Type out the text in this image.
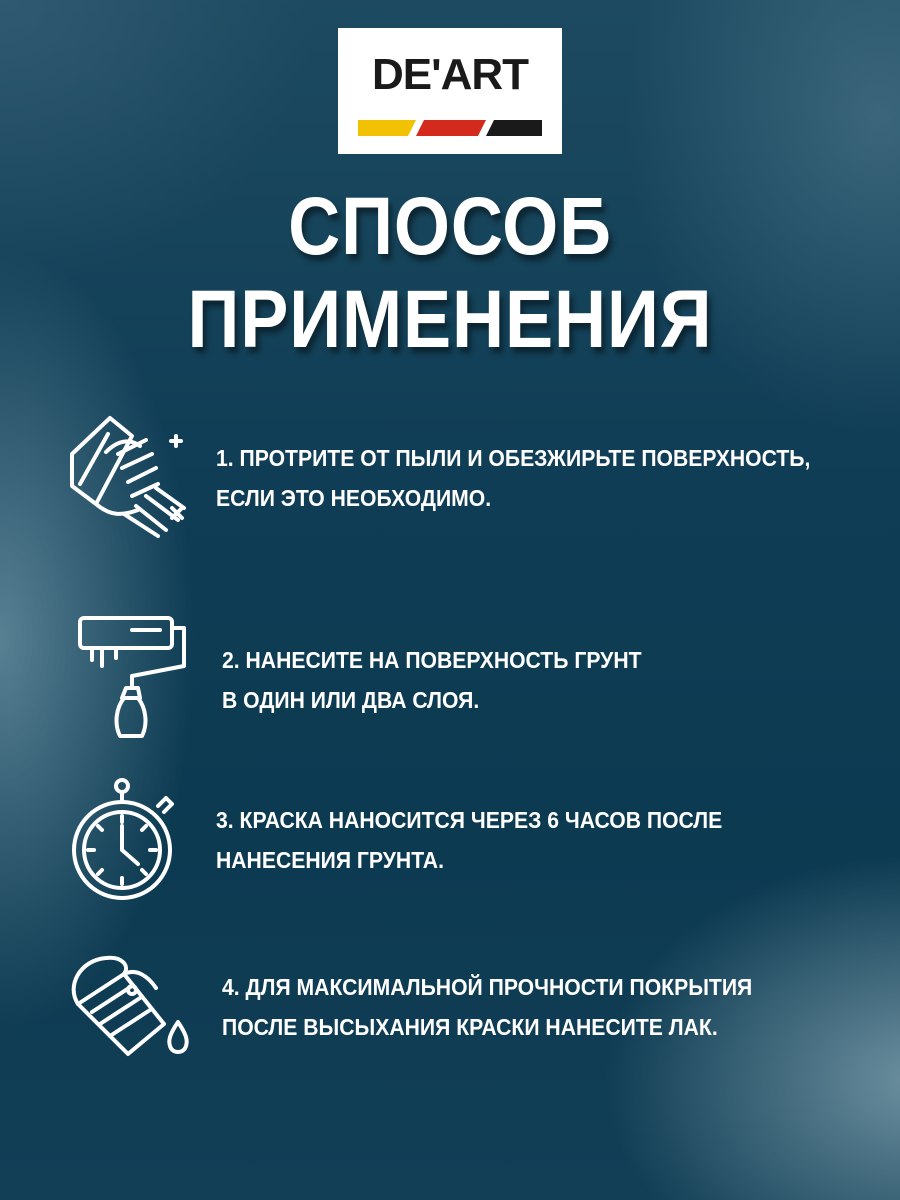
DE'ART
СПОСОБ
ПРИМЕНЕНИЯ
1. ПРОТРИТЕ ОТ ПЫЛИ И ОБЕЗЖИРЬТЕ ПОВЕРХНОСТЬ,
ЕСЛИ ЭТО НЕОБХОДИМО.
2. НАНЕСИТЕ НА ПОВЕРХНОСТЬ ГРУНТ
В ОДИН ИЛИ ДВА СЛОЯ.
3. КРАСКА НАНОСИТСЯ ЧЕРЕЗ 6 ЧАСОВ ПОСЛЕ
НАНЕСЕНИЯ ГРУНТА.
4. ДЛЯ МАКСИМАЛЬНОЙ ПРОЧНОСТИ ПОКРЫТИЯ
ПОСЛЕ ВЫСЫХАНИЯ КРАСКИ НАНЕСИТЕ ЛАК.
